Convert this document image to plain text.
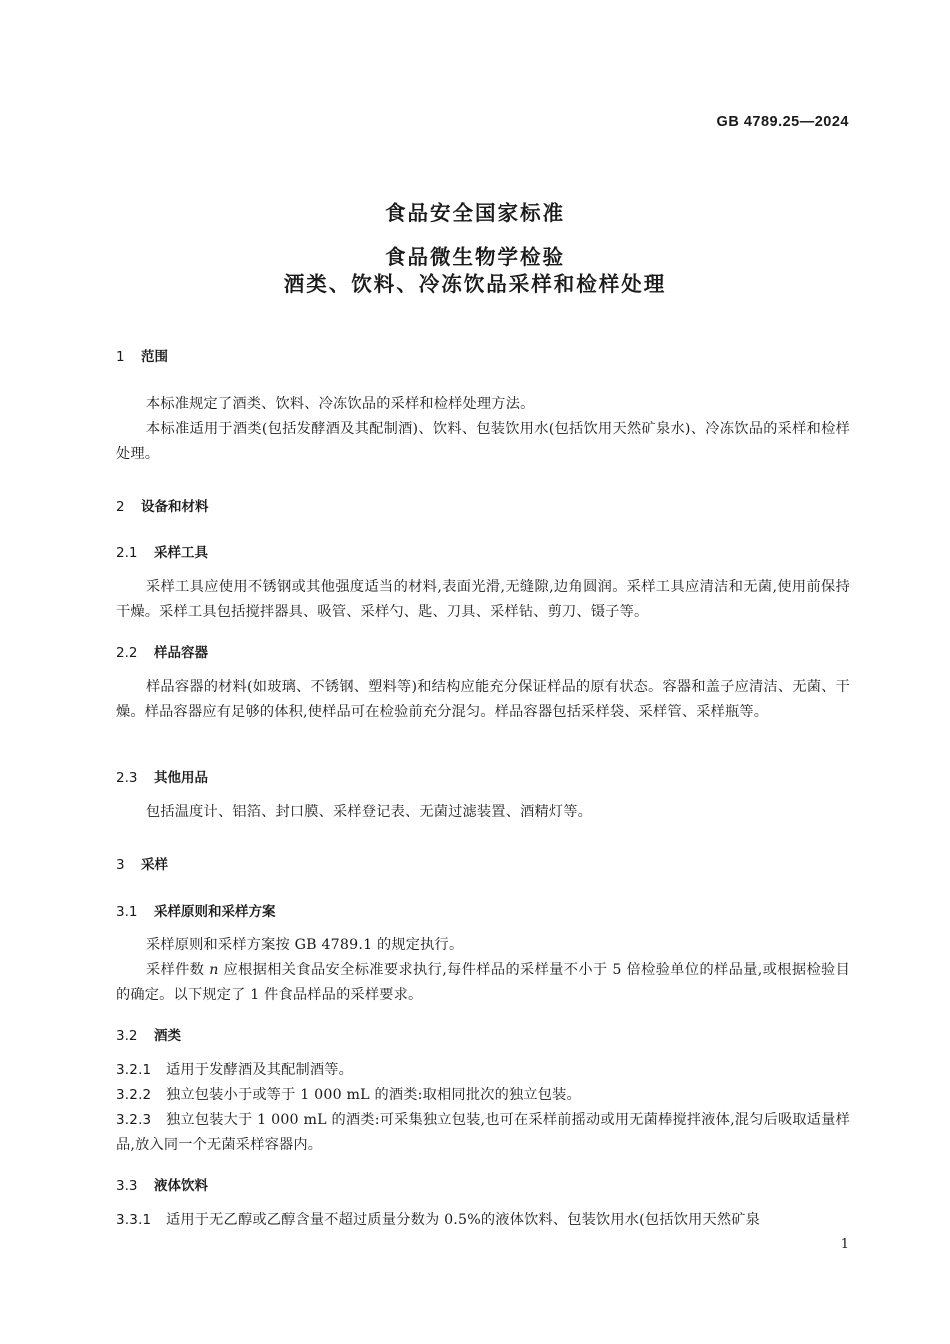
GB 4789.25—2024
食品安全国家标准
食品微生物学检验
酒类、饮料、冷冻饮品采样和检样处理
1 范围
本标准规定了酒类、饮料、冷冻饮品的采样和检样处理方法。
本标准适用于酒类(包括发酵酒及其配制酒)、饮料、包装饮用水(包括饮用天然矿泉水)、冷冻饮品的采样和检样处理。
2 设备和材料
2.1 采样工具
采样工具应使用不锈钢或其他强度适当的材料,表面光滑,无缝隙,边角圆润。采样工具应清洁和无菌,使用前保持干燥。采样工具包括搅拌器具、吸管、采样勺、匙、刀具、采样钻、剪刀、镊子等。
2.2 样品容器
样品容器的材料(如玻璃、不锈钢、塑料等)和结构应能充分保证样品的原有状态。容器和盖子应清洁、无菌、干燥。样品容器应有足够的体积,使样品可在检验前充分混匀。样品容器包括采样袋、采样管、采样瓶等。
2.3 其他用品
包括温度计、铝箔、封口膜、采样登记表、无菌过滤装置、酒精灯等。
3 采样
3.1 采样原则和采样方案
采样原则和采样方案按 GB 4789.1 的规定执行。
采样件数 n 应根据相关食品安全标准要求执行,每件样品的采样量不小于 5 倍检验单位的样品量,或根据检验目的确定。以下规定了 1 件食品样品的采样要求。
3.2 酒类
3.2.1 适用于发酵酒及其配制酒等。
3.2.2 独立包装小于或等于 1 000 mL 的酒类:取相同批次的独立包装。
3.2.3 独立包装大于 1 000 mL 的酒类:可采集独立包装,也可在采样前摇动或用无菌棒搅拌液体,混匀后吸取适量样品,放入同一个无菌采样容器内。
3.3 液体饮料
3.3.1 适用于无乙醇或乙醇含量不超过质量分数为 0.5%的液体饮料、包装饮用水(包括饮用天然矿泉
1
